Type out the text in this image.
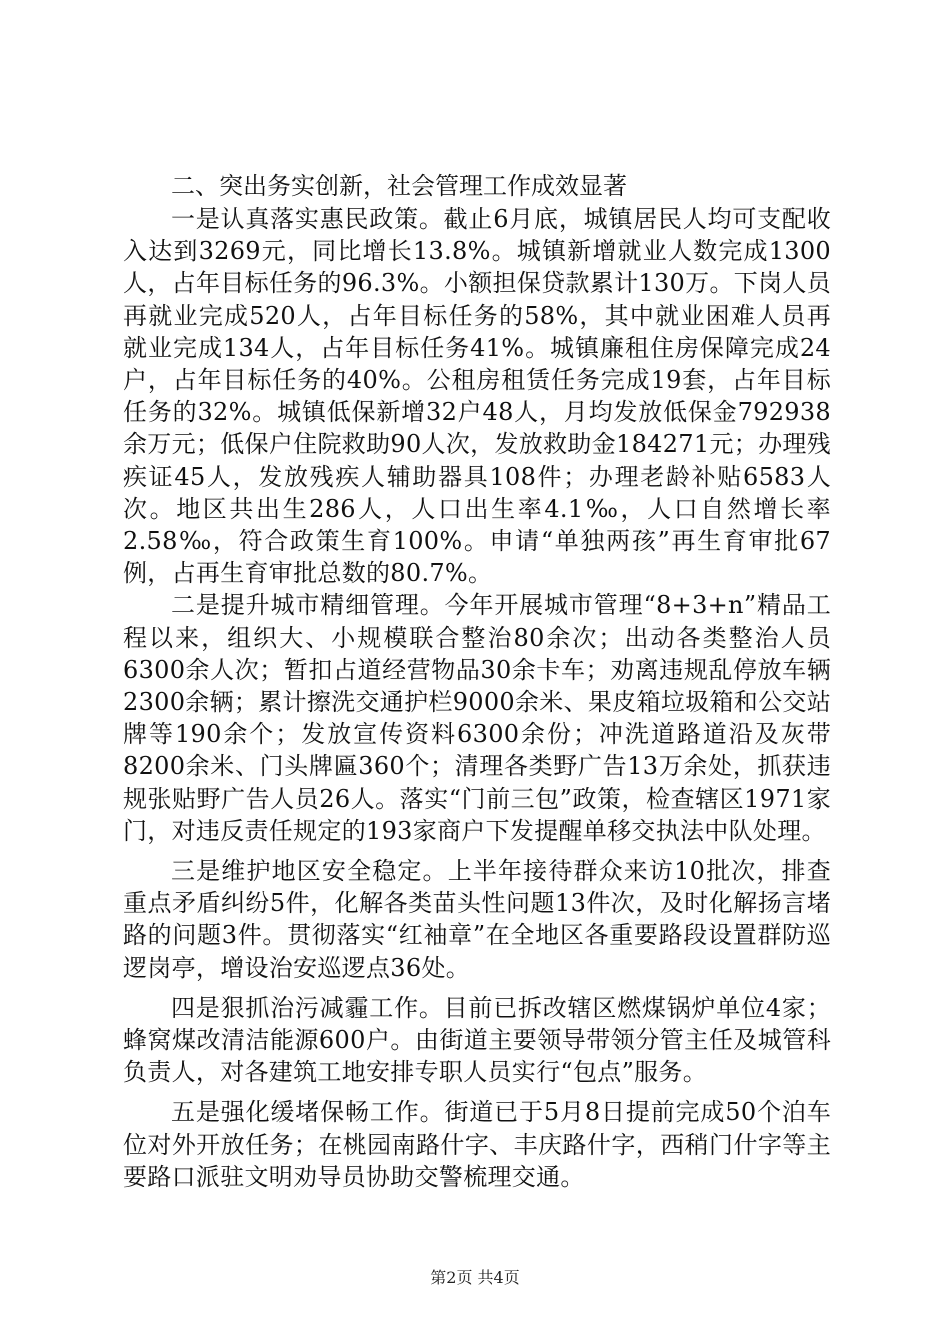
二、突出务实创新，社会管理工作成效显著

一是认真落实惠民政策。截止6月底，城镇居民人均可支配收入达到3269元，同比增长13.8%。城镇新增就业人数完成1300人，占年目标任务的96.3%。小额担保贷款累计130万。下岗人员再就业完成520人，占年目标任务的58%，其中就业困难人员再就业完成134人，占年目标任务41%。城镇廉租住房保障完成24户，占年目标任务的40%。公租房租赁任务完成19套，占年目标任务的32%。城镇低保新增32户48人，月均发放低保金792938余万元；低保户住院救助90人次，发放救助金184271元；办理残疾证45人，发放残疾人辅助器具108件；办理老龄补贴6583人次。地区共出生286人，人口出生率4.1‰，人口自然增长率2.58‰，符合政策生育100%。申请“单独两孩”再生育审批67例，占再生育审批总数的80.7%。

二是提升城市精细管理。今年开展城市管理“8+3+n”精品工程以来，组织大、小规模联合整治80余次；出动各类整治人员6300余人次；暂扣占道经营物品30余卡车；劝离违规乱停放车辆2300余辆；累计擦洗交通护栏9000余米、果皮箱垃圾箱和公交站牌等190余个；发放宣传资料6300余份；冲洗道路道沿及灰带8200余米、门头牌匾360个；清理各类野广告13万余处，抓获违规张贴野广告人员26人。落实“门前三包”政策，检查辖区1971家门，对违反责任规定的193家商户下发提醒单移交执法中队处理。

三是维护地区安全稳定。上半年接待群众来访10批次，排查重点矛盾纠纷5件，化解各类苗头性问题13件次，及时化解扬言堵路的问题3件。贯彻落实“红袖章”在全地区各重要路段设置群防巡逻岗亭，增设治安巡逻点36处。

四是狠抓治污减霾工作。目前已拆改辖区燃煤锅炉单位4家；蜂窝煤改清洁能源600户。由街道主要领导带领分管主任及城管科负责人，对各建筑工地安排专职人员实行“包点”服务。

五是强化缓堵保畅工作。街道已于5月8日提前完成50个泊车位对外开放任务；在桃园南路什字、丰庆路什字，西稍门什字等主要路口派驻文明劝导员协助交警梳理交通。

第2页 共4页
